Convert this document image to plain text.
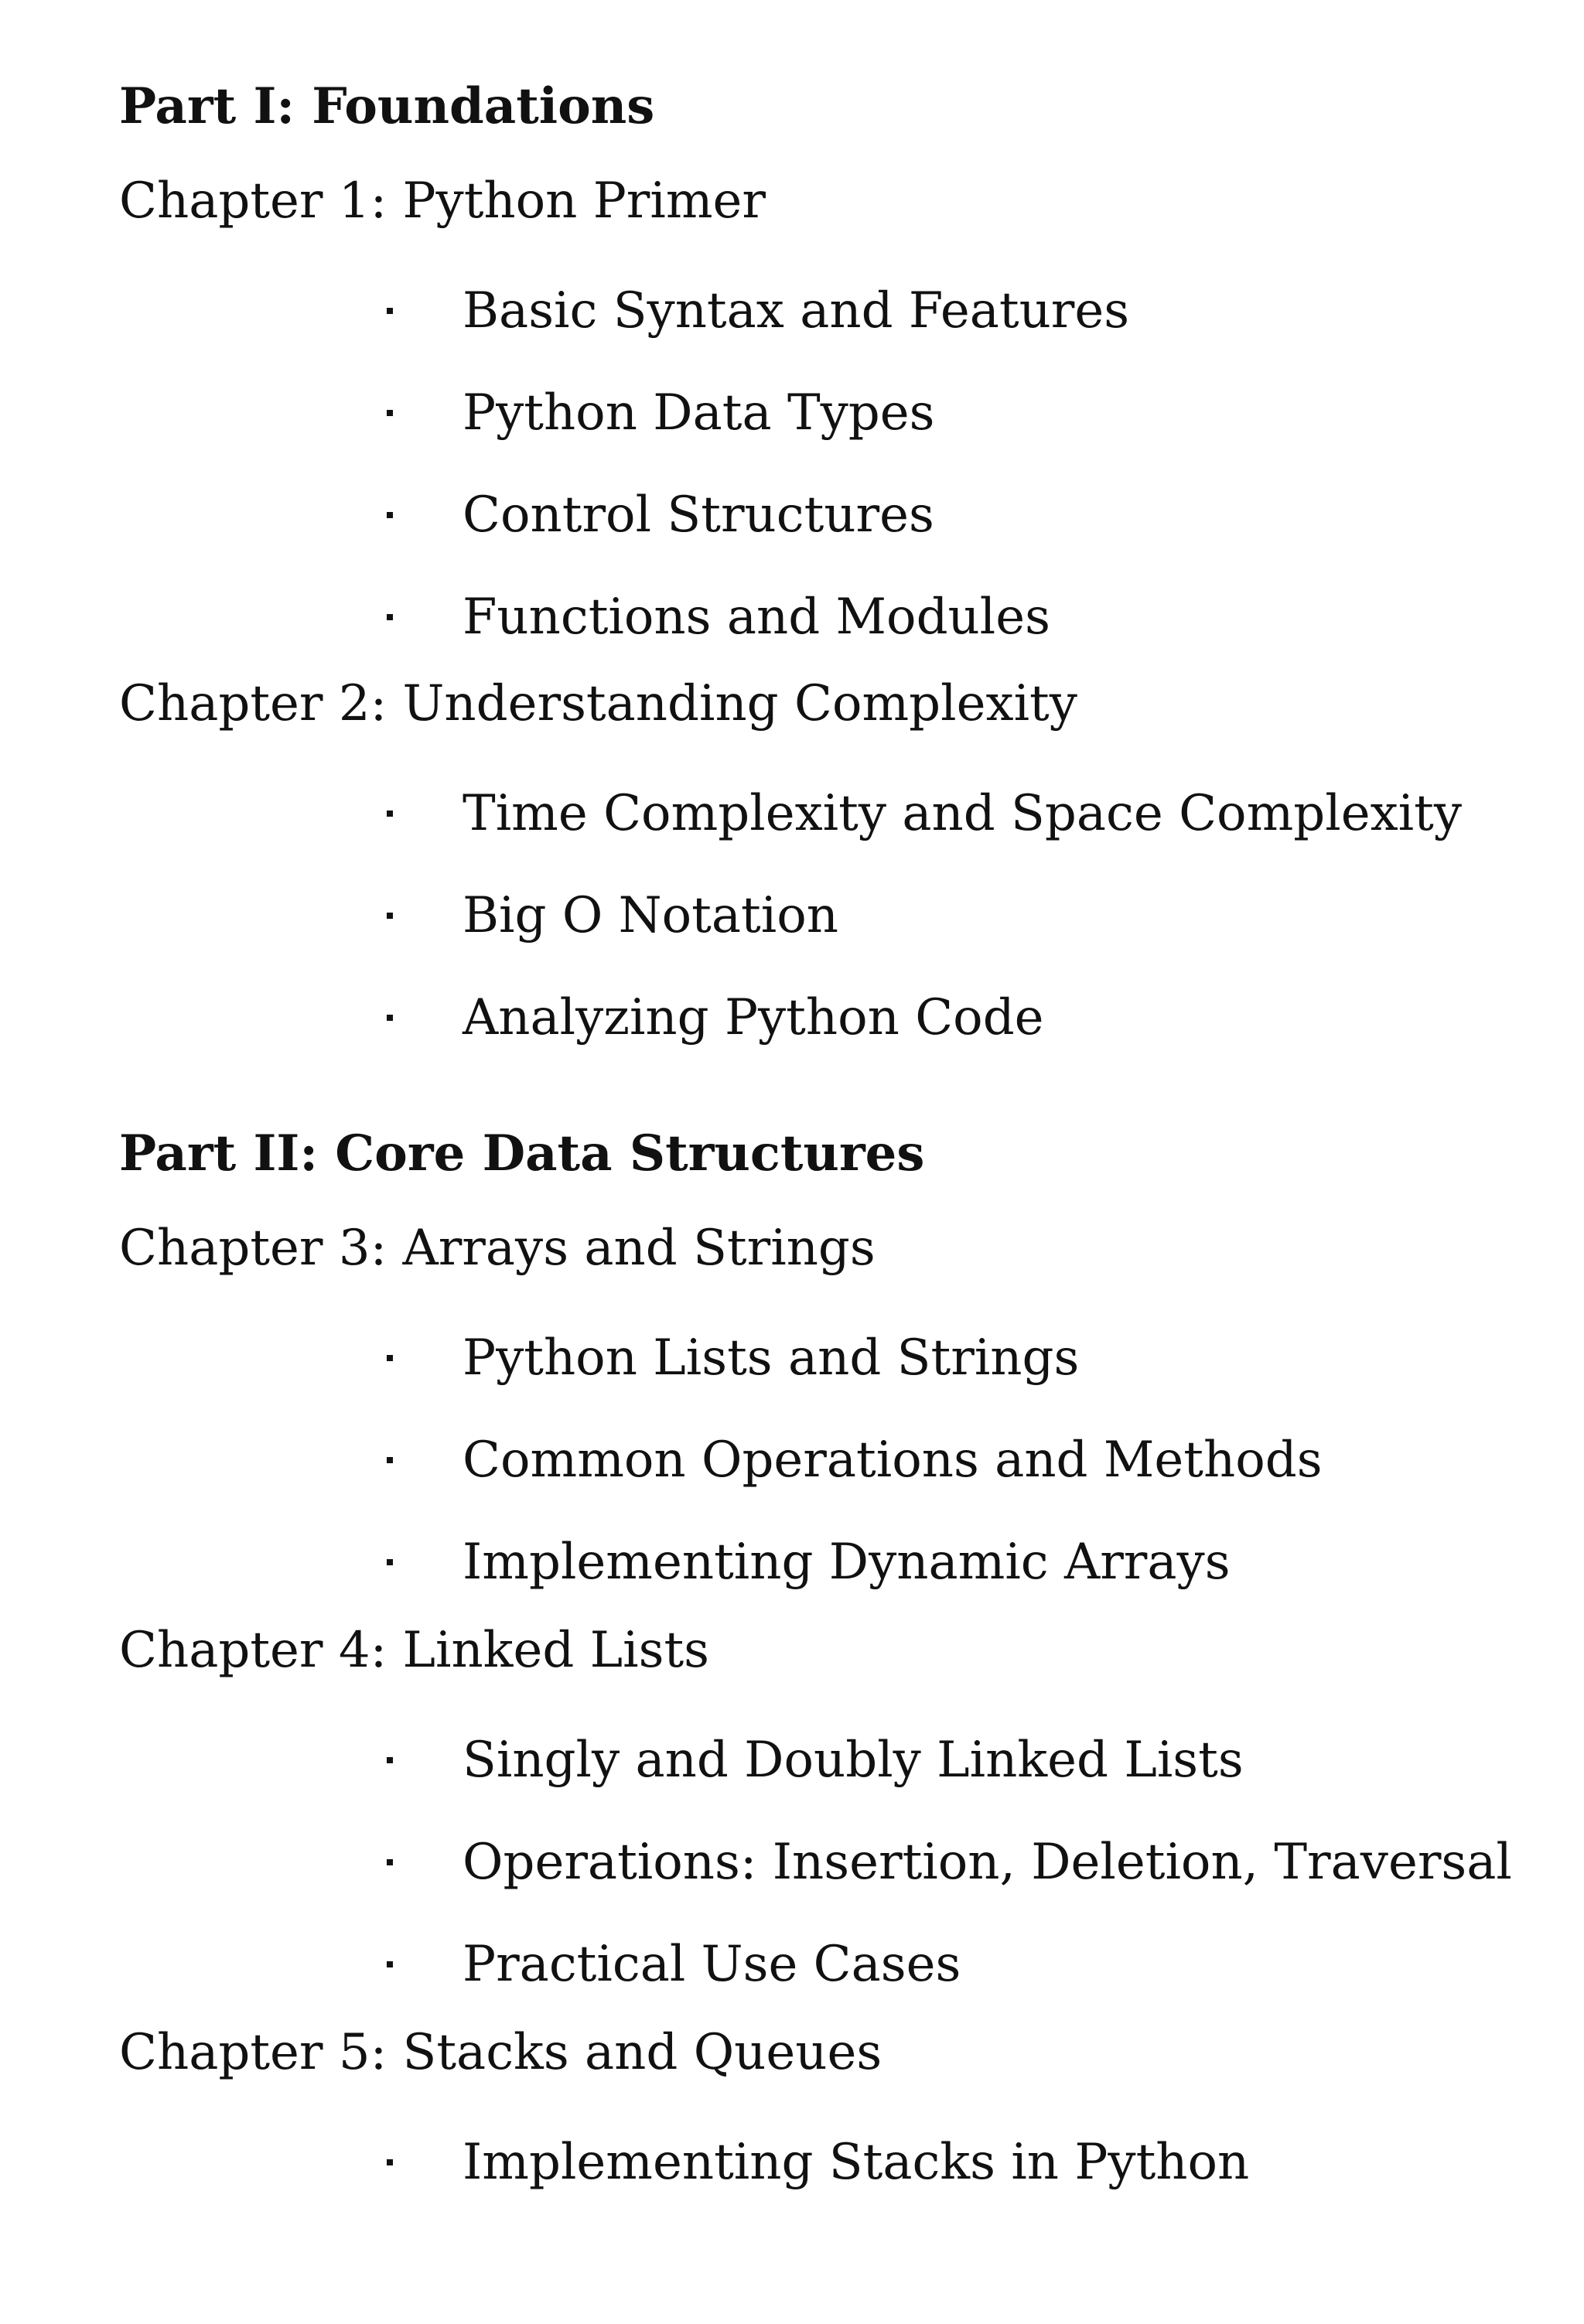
Part I: Foundations
Chapter 1: Python Primer
Basic Syntax and Features
Python Data Types
Control Structures
Functions and Modules
Chapter 2: Understanding Complexity
Time Complexity and Space Complexity
Big O Notation
Analyzing Python Code
Part II: Core Data Structures
Chapter 3: Arrays and Strings
Python Lists and Strings
Common Operations and Methods
Implementing Dynamic Arrays
Chapter 4: Linked Lists
Singly and Doubly Linked Lists
Operations: Insertion, Deletion, Traversal
Practical Use Cases
Chapter 5: Stacks and Queues
Implementing Stacks in Python
